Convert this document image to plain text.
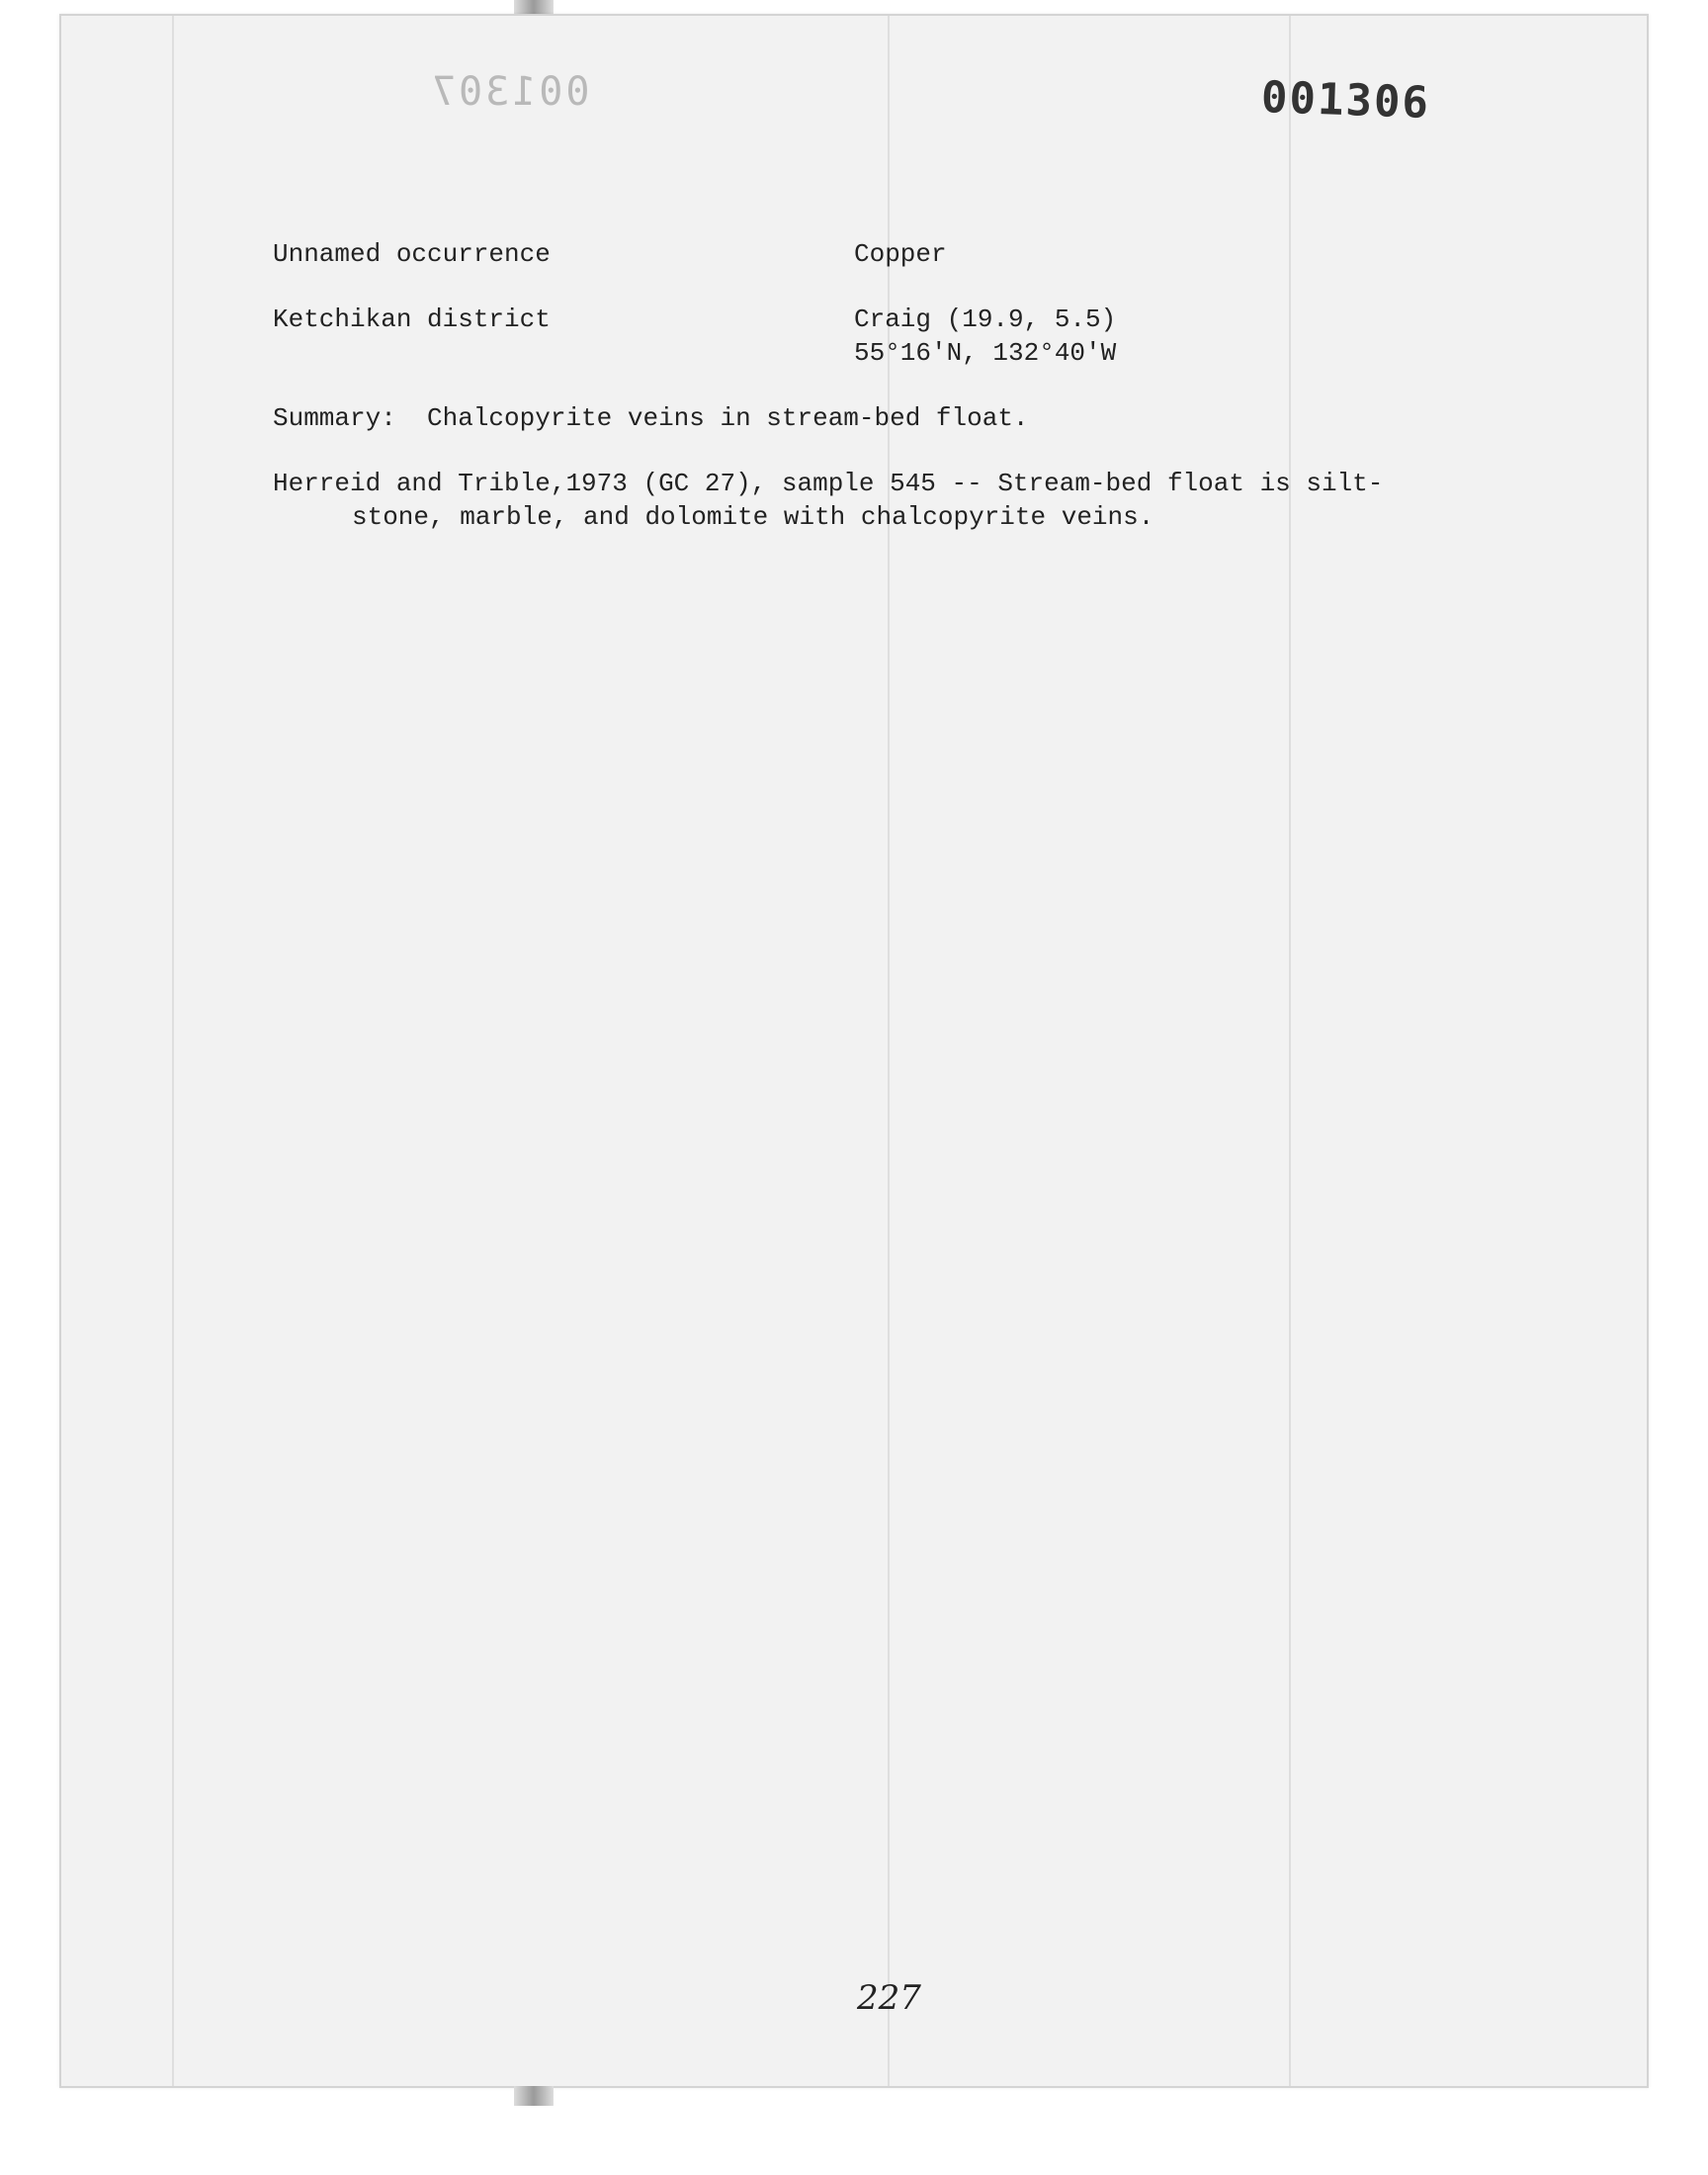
001307	001306
Unnamed occurrence	Copper
Ketchikan district	Craig (19.9, 5.5)
55°16'N, 132°40'W
Summary:  Chalcopyrite veins in stream-bed float.
Herreid and Trible,1973 (GC 27), sample 545 -- Stream-bed float is silt-
stone, marble, and dolomite with chalcopyrite veins.
227
